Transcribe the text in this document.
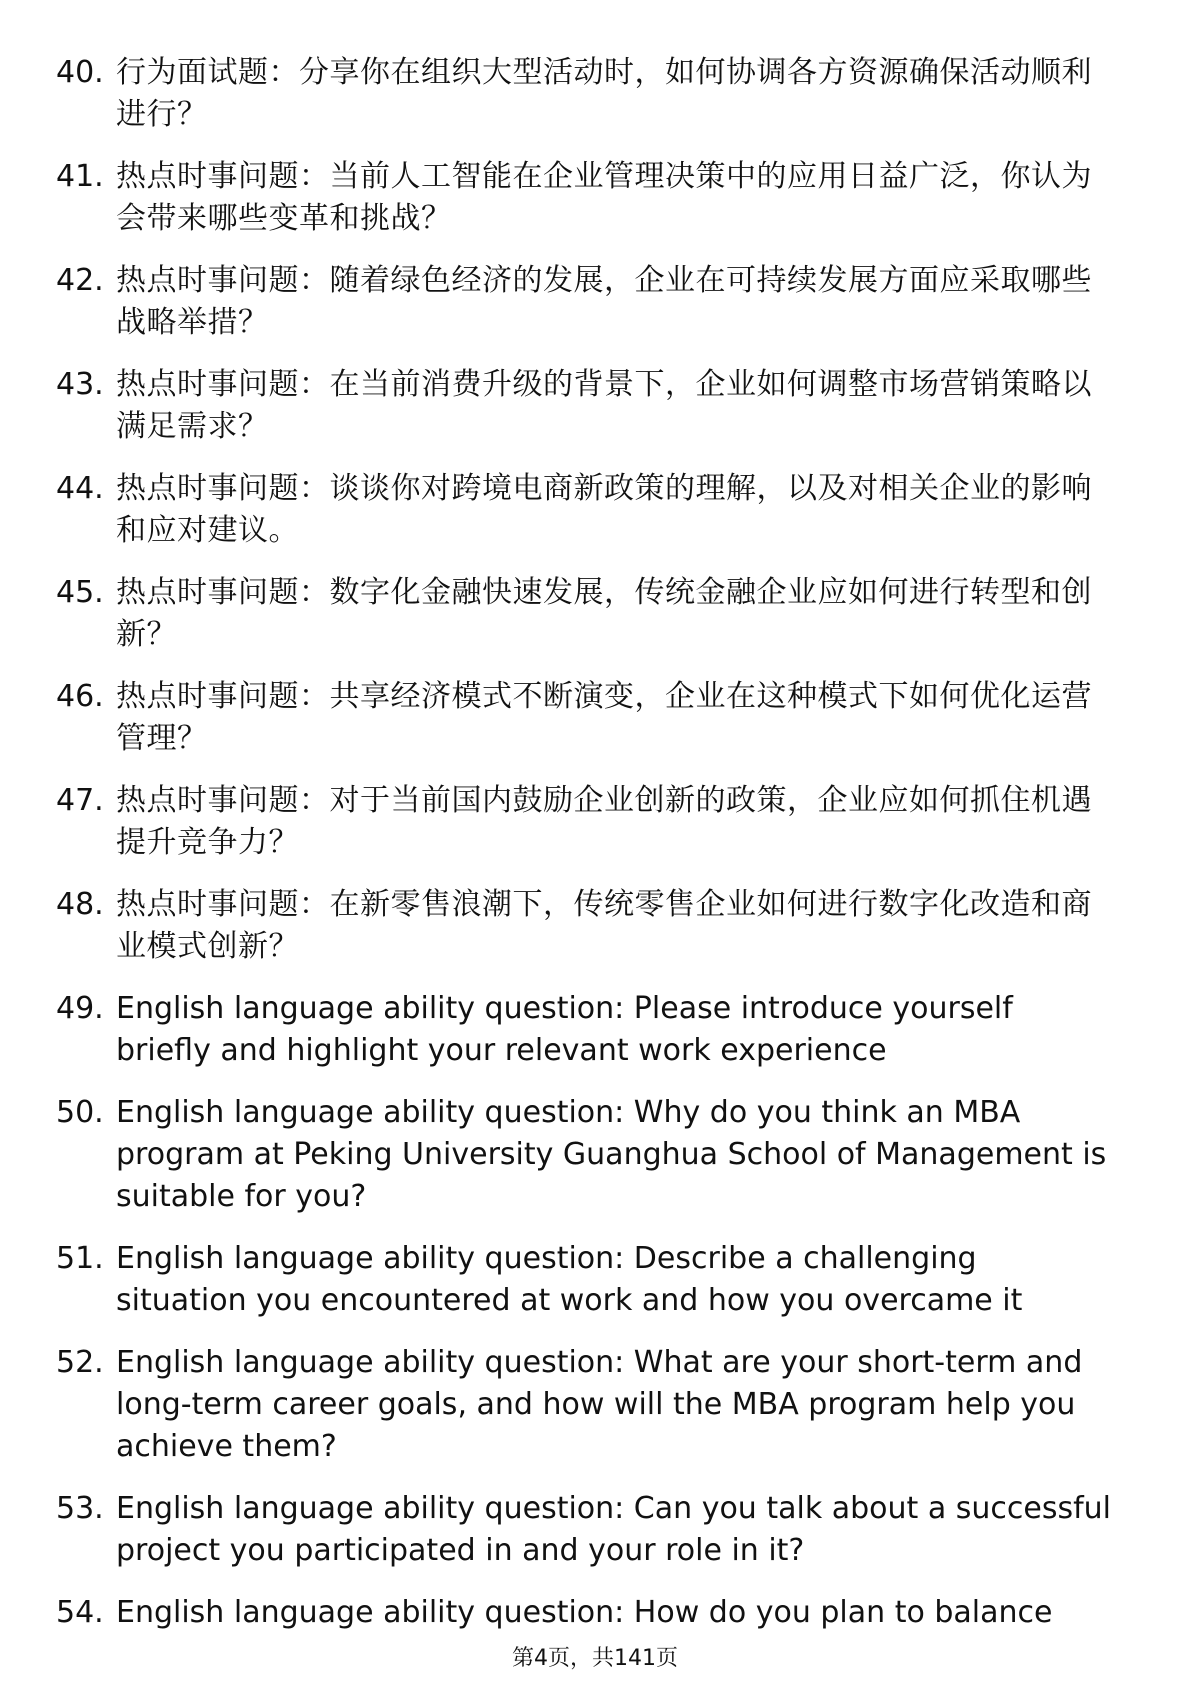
40. 行为面试题：分享你在组织大型活动时，如何协调各方资源确保活动顺利进行？
41. 热点时事问题：当前人工智能在企业管理决策中的应用日益广泛，你认为会带来哪些变革和挑战？
42. 热点时事问题：随着绿色经济的发展，企业在可持续发展方面应采取哪些战略举措？
43. 热点时事问题：在当前消费升级的背景下，企业如何调整市场营销策略以满足需求？
44. 热点时事问题：谈谈你对跨境电商新政策的理解，以及对相关企业的影响和应对建议。
45. 热点时事问题：数字化金融快速发展，传统金融企业应如何进行转型和创新？
46. 热点时事问题：共享经济模式不断演变，企业在这种模式下如何优化运营管理？
47. 热点时事问题：对于当前国内鼓励企业创新的政策，企业应如何抓住机遇提升竞争力？
48. 热点时事问题：在新零售浪潮下，传统零售企业如何进行数字化改造和商业模式创新？
49. English language ability question: Please introduce yourself briefly and highlight your relevant work experience
50. English language ability question: Why do you think an MBA program at Peking University Guanghua School of Management is suitable for you?
51. English language ability question: Describe a challenging situation you encountered at work and how you overcame it
52. English language ability question: What are your short-term and long-term career goals, and how will the MBA program help you achieve them?
53. English language ability question: Can you talk about a successful project you participated in and your role in it?
54. English language ability question: How do you plan to balance
第4页，共141页
